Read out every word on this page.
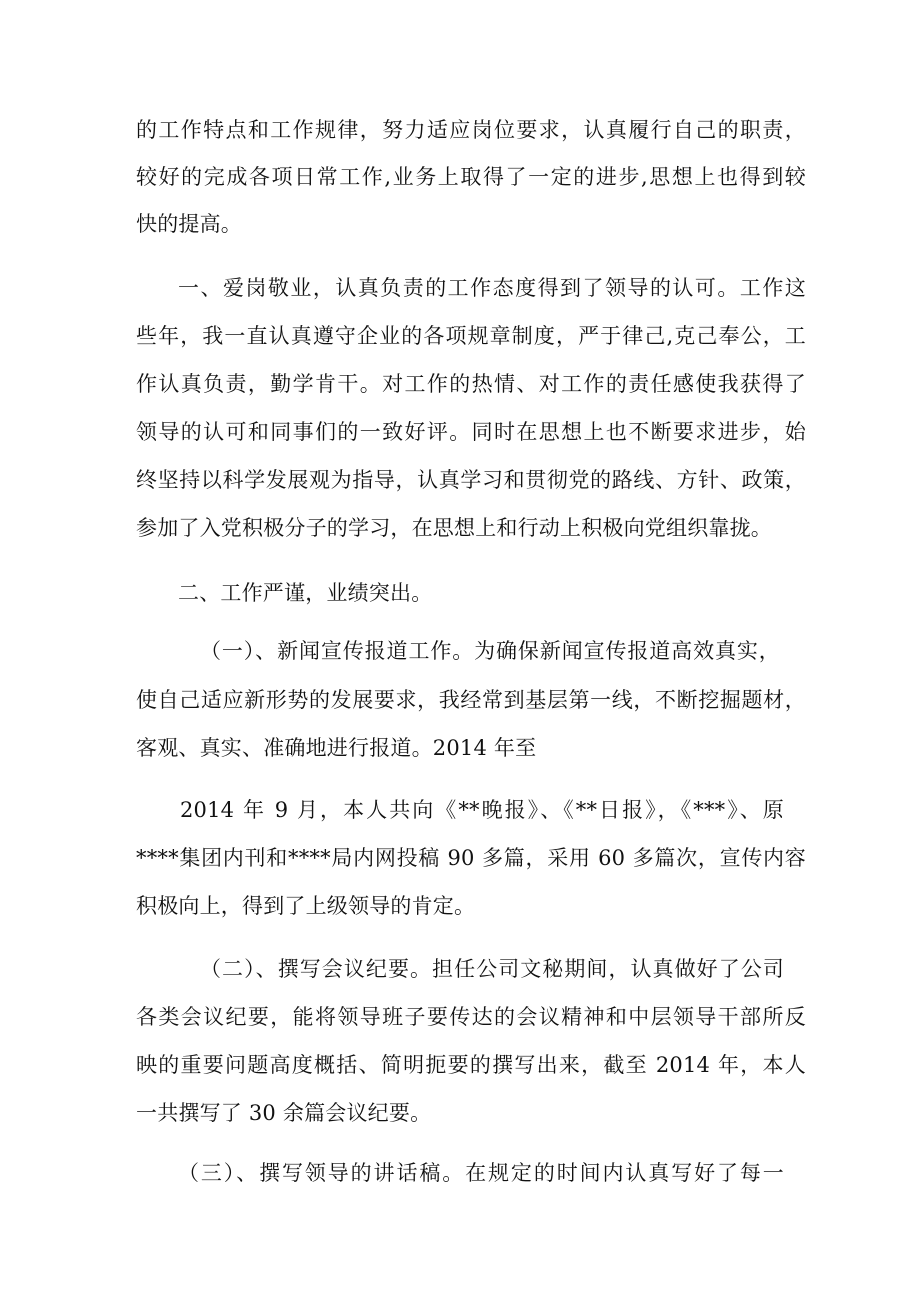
的工作特点和工作规律，努力适应岗位要求，认真履行自己的职责，
较好的完成各项日常工作,业务上取得了一定的进步,思想上也得到较
快的提高。
一、爱岗敬业，认真负责的工作态度得到了领导的认可。工作这
些年，我一直认真遵守企业的各项规章制度，严于律己,克己奉公，工
作认真负责，勤学肯干。对工作的热情、对工作的责任感使我获得了
领导的认可和同事们的一致好评。同时在思想上也不断要求进步，始
终坚持以科学发展观为指导，认真学习和贯彻党的路线、方针、政策，
参加了入党积极分子的学习，在思想上和行动上积极向党组织靠拢。
二、工作严谨，业绩突出。
（一）、新闻宣传报道工作。为确保新闻宣传报道高效真实，
使自己适应新形势的发展要求，我经常到基层第一线，不断挖掘题材，
客观、真实、准确地进行报道。2014 年至
2014 年 9 月，本人共向《**晚报》、《**日报》，《***》、原
****集团内刊和****局内网投稿 90 多篇，采用 60 多篇次，宣传内容
积极向上，得到了上级领导的肯定。
（二）、撰写会议纪要。担任公司文秘期间，认真做好了公司
各类会议纪要，能将领导班子要传达的会议精神和中层领导干部所反
映的重要问题高度概括、简明扼要的撰写出来，截至 2014 年，本人
一共撰写了 30 余篇会议纪要。
（三）、撰写领导的讲话稿。在规定的时间内认真写好了每一
